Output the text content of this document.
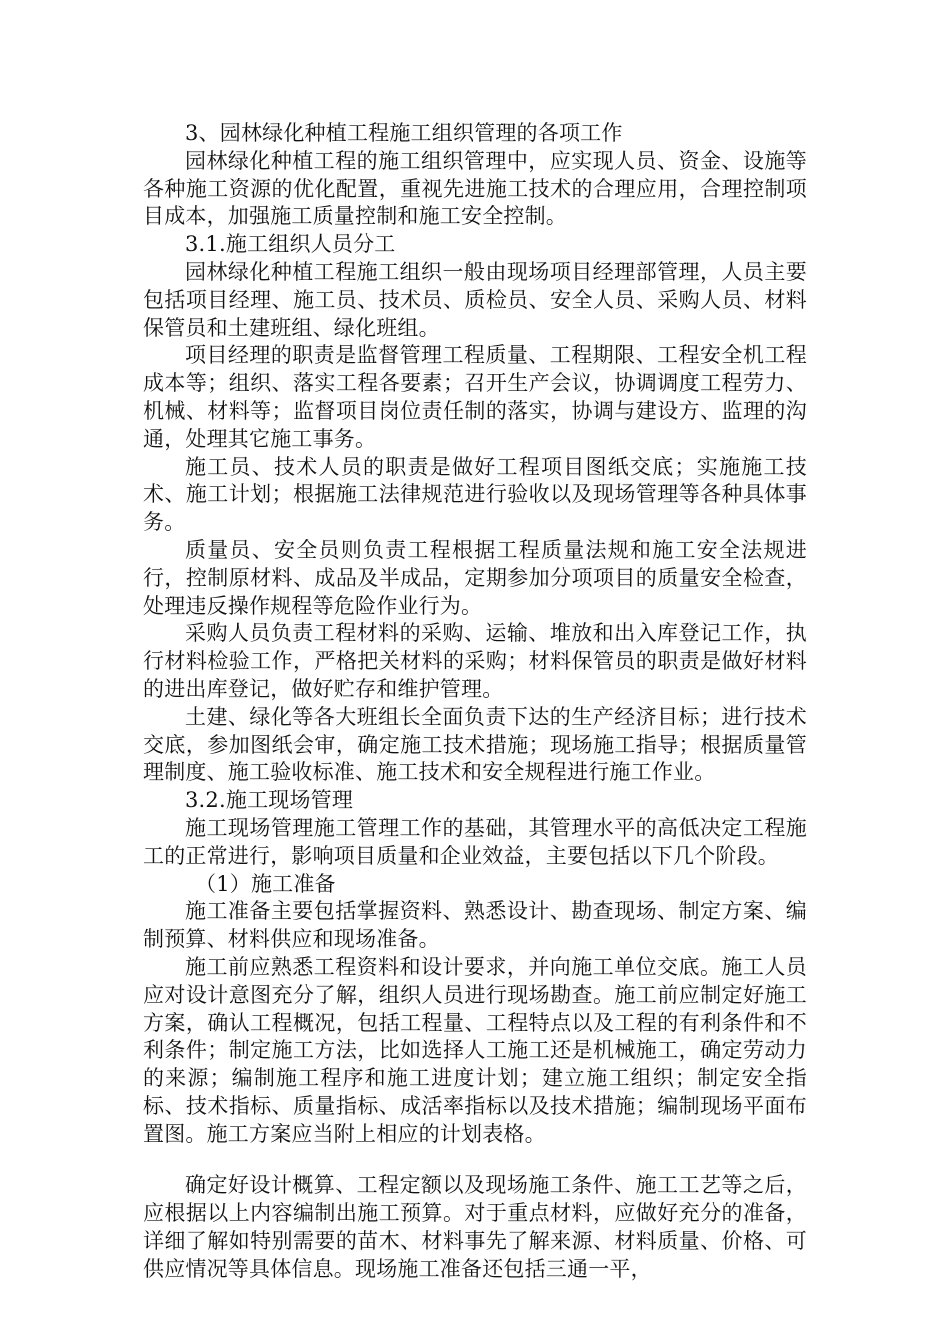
3、园林绿化种植工程施工组织管理的各项工作

园林绿化种植工程的施工组织管理中，应实现人员、资金、设施等各种施工资源的优化配置，重视先进施工技术的合理应用，合理控制项目成本，加强施工质量控制和施工安全控制。

3.1.施工组织人员分工

园林绿化种植工程施工组织一般由现场项目经理部管理，人员主要包括项目经理、施工员、技术员、质检员、安全人员、采购人员、材料保管员和土建班组、绿化班组。

项目经理的职责是监督管理工程质量、工程期限、工程安全机工程成本等；组织、落实工程各要素；召开生产会议，协调调度工程劳力、机械、材料等；监督项目岗位责任制的落实，协调与建设方、监理的沟通，处理其它施工事务。

施工员、技术人员的职责是做好工程项目图纸交底；实施施工技术、施工计划；根据施工法律规范进行验收以及现场管理等各种具体事务。

质量员、安全员则负责工程根据工程质量法规和施工安全法规进行，控制原材料、成品及半成品，定期参加分项项目的质量安全检查，处理违反操作规程等危险作业行为。

采购人员负责工程材料的采购、运输、堆放和出入库登记工作，执行材料检验工作，严格把关材料的采购；材料保管员的职责是做好材料的进出库登记，做好贮存和维护管理。

土建、绿化等各大班组长全面负责下达的生产经济目标；进行技术交底，参加图纸会审，确定施工技术措施；现场施工指导；根据质量管理制度、施工验收标准、施工技术和安全规程进行施工作业。

3.2.施工现场管理

施工现场管理施工管理工作的基础，其管理水平的高低决定工程施工的正常进行，影响项目质量和企业效益，主要包括以下几个阶段。

（1）施工准备

施工准备主要包括掌握资料、熟悉设计、勘查现场、制定方案、编制预算、材料供应和现场准备。

施工前应熟悉工程资料和设计要求，并向施工单位交底。施工人员应对设计意图充分了解，组织人员进行现场勘查。施工前应制定好施工方案，确认工程概况，包括工程量、工程特点以及工程的有利条件和不利条件；制定施工方法，比如选择人工施工还是机械施工，确定劳动力的来源；编制施工程序和施工进度计划；建立施工组织；制定安全指标、技术指标、质量指标、成活率指标以及技术措施；编制现场平面布置图。施工方案应当附上相应的计划表格。

确定好设计概算、工程定额以及现场施工条件、施工工艺等之后，应根据以上内容编制出施工预算。对于重点材料，应做好充分的准备，详细了解如特别需要的苗木、材料事先了解来源、材料质量、价格、可供应情况等具体信息。现场施工准备还包括三通一平，
